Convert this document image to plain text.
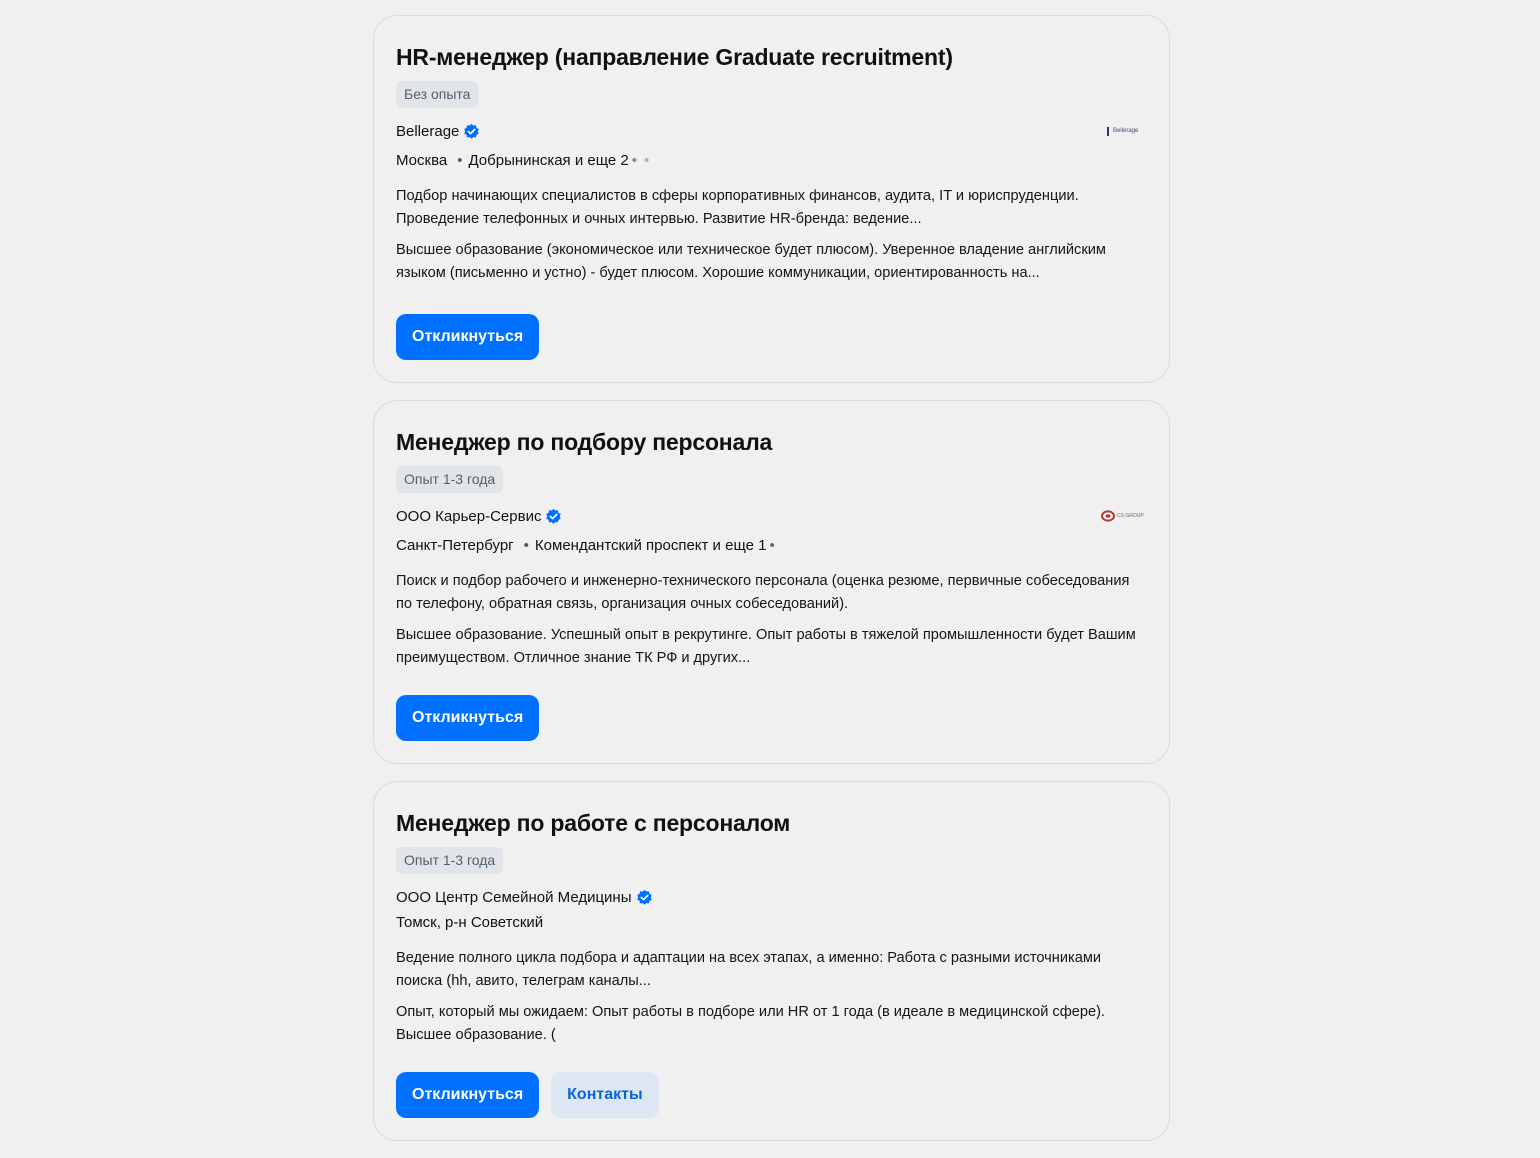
HR-менеджер (направление Graduate recruitment)
Без опыта
Bellerage	Bellerage
Москва • Добрынинская и еще 2 • •
Подбор начинающих специалистов в сферы корпоративных финансов, аудита, IT и юриспруденции. Проведение телефонных и очных интервью. Развитие HR-бренда: ведение...
Высшее образование (экономическое или техническое будет плюсом). Уверенное владение английским языком (письменно и устно) - будет плюсом. Хорошие коммуникации, ориентированность на...
Откликнуться
Менеджер по подбору персонала
Опыт 1-3 года
ООО Карьер-Сервис	CS GROUP
Санкт-Петербург • Комендантский проспект и еще 1 •
Поиск и подбор рабочего и инженерно-технического персонала (оценка резюме, первичные собеседования по телефону, обратная связь, организация очных собеседований).
Высшее образование. Успешный опыт в рекрутинге. Опыт работы в тяжелой промышленности будет Вашим преимуществом. Отличное знание ТК РФ и других...
Откликнуться
Менеджер по работе с персоналом
Опыт 1-3 года
ООО Центр Семейной Медицины
Томск, р-н Советский
Ведение полного цикла подбора и адаптации на всех этапах, а именно: Работа с разными источниками поиска (hh, авито, телеграм каналы...
Опыт, который мы ожидаем: Опыт работы в подборе или HR от 1 года (в идеале в медицинской сфере). Высшее образование. (
Откликнуться	Контакты
